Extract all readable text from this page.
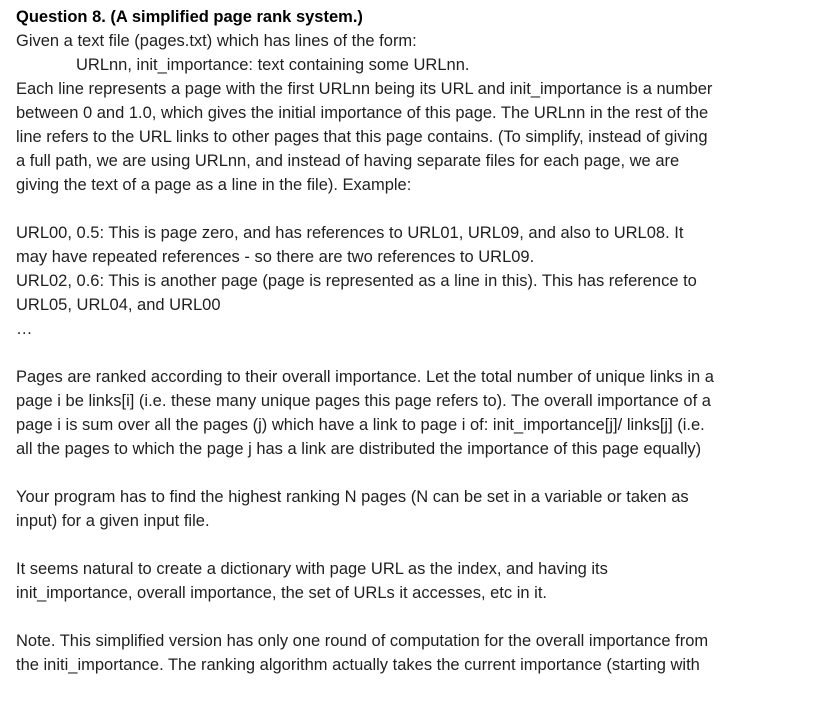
Question 8. (A simplified page rank system.)
Given a text file (pages.txt) which has lines of the form:
URLnn, init_importance: text containing some URLnn.
Each line represents a page with the first URLnn being its URL and init_importance is a number
between 0 and 1.0, which gives the initial importance of this page. The URLnn in the rest of the
line refers to the URL links to other pages that this page contains. (To simplify, instead of giving
a full path, we are using URLnn, and instead of having separate files for each page, we are
giving the text of a page as a line in the file). Example:
URL00, 0.5: This is page zero, and has references to URL01, URL09, and also to URL08. It
may have repeated references - so there are two references to URL09.
URL02, 0.6: This is another page (page is represented as a line in this). This has reference to
URL05, URL04, and URL00
…
Pages are ranked according to their overall importance. Let the total number of unique links in a
page i be links[i] (i.e. these many unique pages this page refers to). The overall importance of a
page i is sum over all the pages (j) which have a link to page i of: init_importance[j]/ links[j] (i.e.
all the pages to which the page j has a link are distributed the importance of this page equally)
Your program has to find the highest ranking N pages (N can be set in a variable or taken as
input) for a given input file.
It seems natural to create a dictionary with page URL as the index, and having its
init_importance, overall importance, the set of URLs it accesses, etc in it.
Note. This simplified version has only one round of computation for the overall importance from
the initi_importance. The ranking algorithm actually takes the current importance (starting with
